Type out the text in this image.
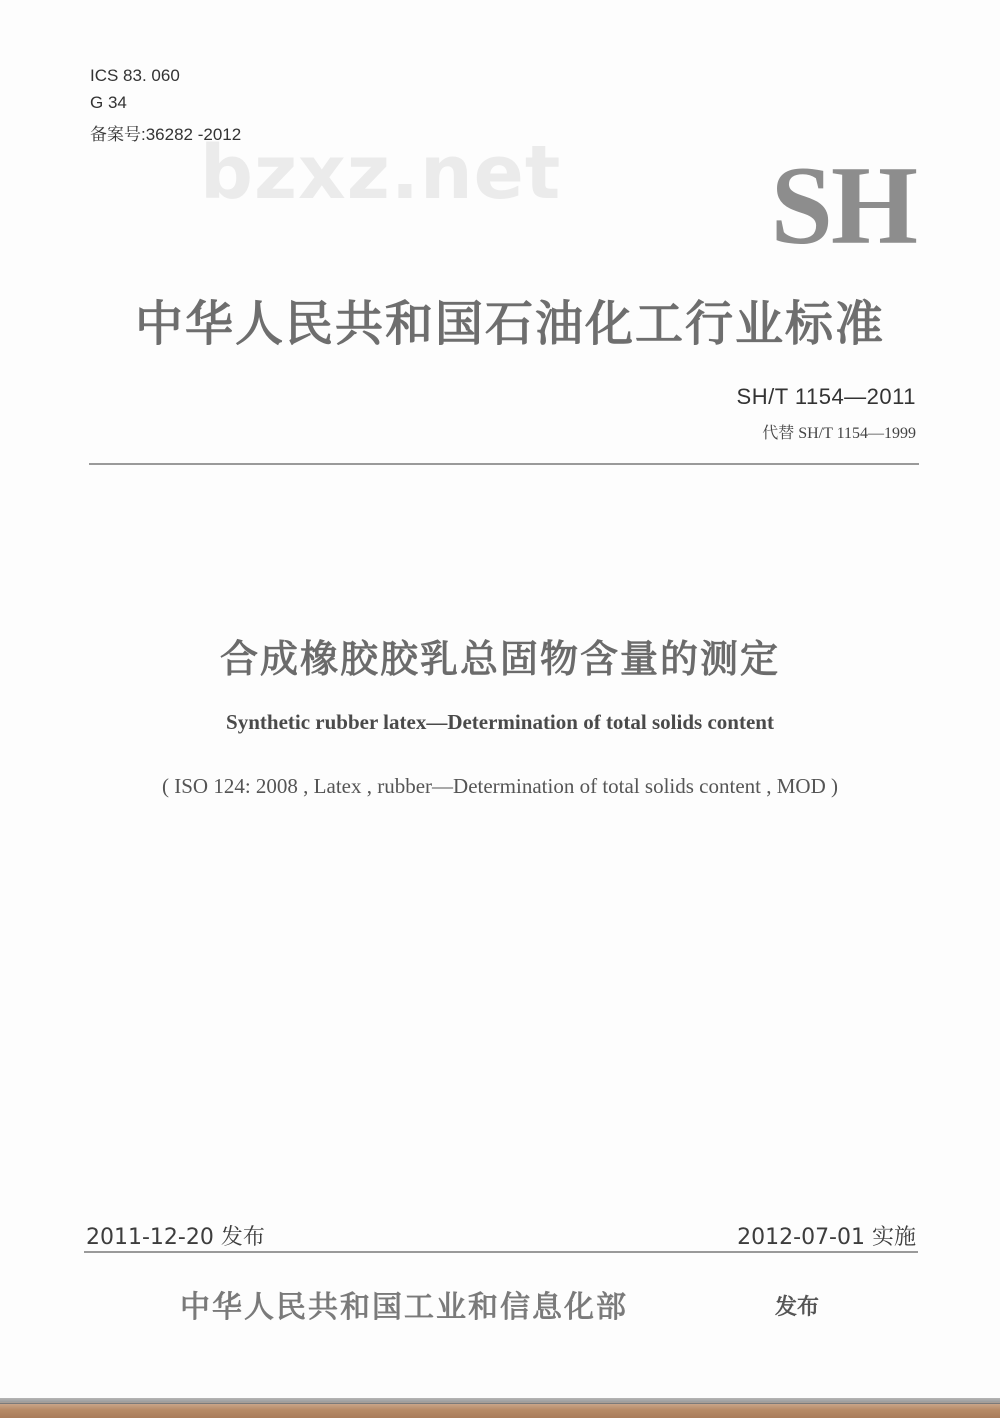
ICS 83. 060
G 34
备案号:36282 -2012
bzxz.net SH
中华人民共和国石油化工行业标准
SH/T 1154—2011
代替 SH/T 1154—1999
合成橡胶胶乳总固物含量的测定
Synthetic rubber latex—Determination of total solids content
( ISO 124: 2008 , Latex , rubber—Determination of total solids content , MOD )
2011-12-20 发布	2012-07-01 实施
中华人民共和国工业和信息化部	发布
